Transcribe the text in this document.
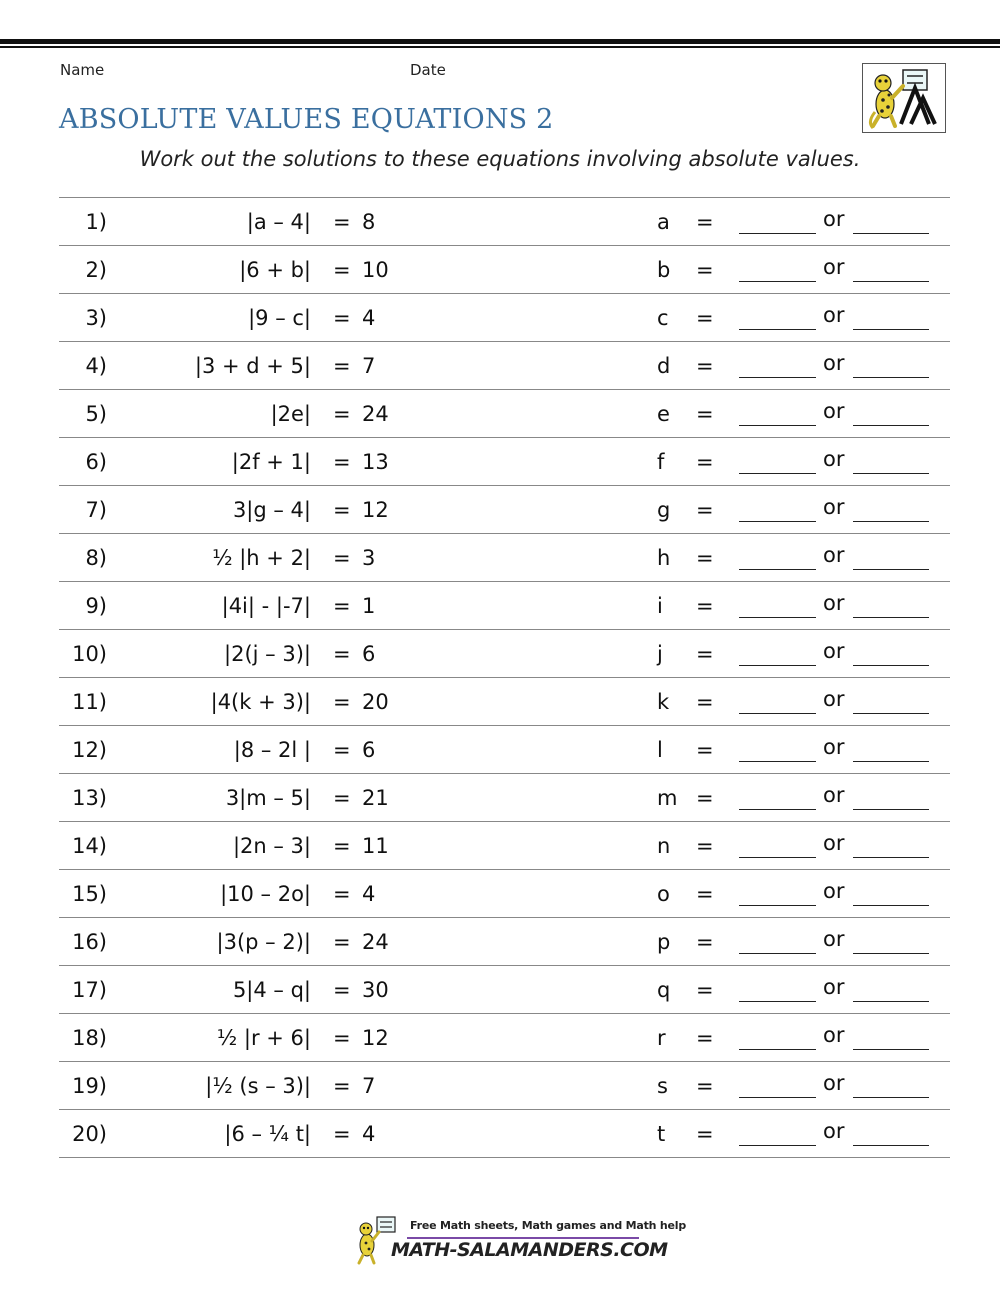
Name	Date
ABSOLUTE VALUES EQUATIONS 2

Work out the solutions to these equations involving absolute values.

1)	|a – 4| = 8	a =	or
2)	|6 + b| = 10	b =	or
3)	|9 – c| = 4	c =	or
4)	|3 + d + 5| = 7	d =	or
5)	|2e| = 24	e =	or
6)	|2f + 1| = 13	f =	or
7)	3|g – 4| = 12	g =	or
8)	½ |h + 2| = 3	h =	or
9)	|4i| - |-7| = 1	i =	or
10)	|2(j – 3)| = 6	j =	or
11)	|4(k + 3)| = 20	k =	or
12)	|8 – 2l | = 6	l =	or
13)	3|m – 5| = 21	m =	or
14)	|2n – 3| = 11	n =	or
15)	|10 – 2o| = 4	o =	or
16)	|3(p – 2)| = 24	p =	or
17)	5|4 – q| = 30	q =	or
18)	½ |r + 6| = 12	r =	or
19)	|½ (s – 3)| = 7	s =	or
20)	|6 – ¼ t| = 4	t =	or
Free Math sheets, Math games and Math help
MATH-SALAMANDERS.COM
